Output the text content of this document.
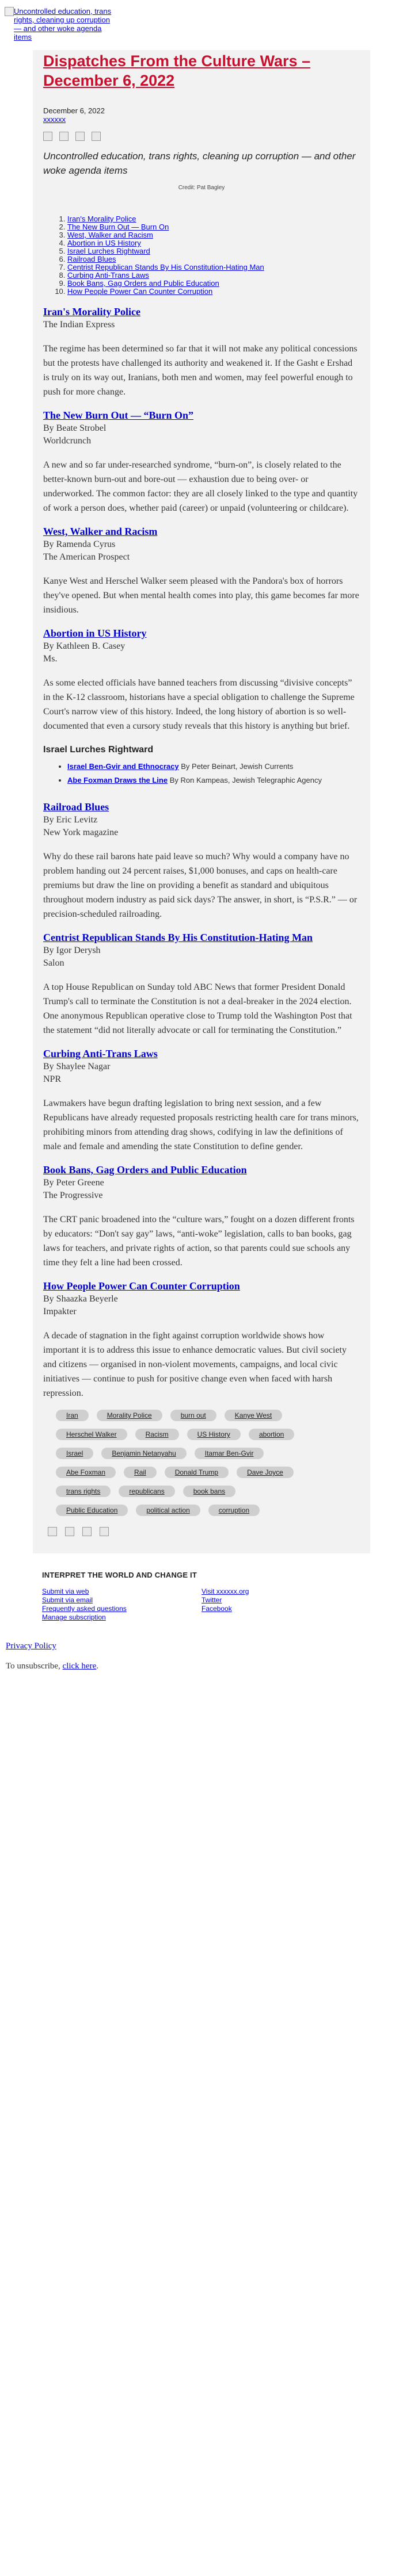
Uncontrolled education, trans rights, cleaning up corruption — and other woke agenda items
Dispatches From the Culture Wars – December 6, 2022
December 6, 2022
xxxxxx
Uncontrolled education, trans rights, cleaning up corruption — and other woke agenda items
Credit: Pat Bagley
1. Iran's Morality Police
2. The New Burn Out — Burn On
3. West, Walker and Racism
4. Abortion in US History
5. Israel Lurches Rightward
6. Railroad Blues
7. Centrist Republican Stands By His Constitution-Hating Man
8. Curbing Anti-Trans Laws
9. Book Bans, Gag Orders and Public Education
10. How People Power Can Counter Corruption
Iran's Morality Police
The Indian Express

The regime has been determined so far that it will not make any political concessions but the protests have challenged its authority and weakened it. If the Gasht e Ershad is truly on its way out, Iranians, both men and women, may feel powerful enough to push for more change.

The New Burn Out — “Burn On”
By Beate Strobel
Worldcrunch

A new and so far under-researched syndrome, “burn-on”, is closely related to the better-known burn-out and bore-out — exhaustion due to being over- or underworked. The common factor: they are all closely linked to the type and quantity of work a person does, whether paid (career) or unpaid (volunteering or childcare).

West, Walker and Racism
By Ramenda Cyrus
The American Prospect

Kanye West and Herschel Walker seem pleased with the Pandora's box of horrors they've opened. But when mental health comes into play, this game becomes far more insidious.

Abortion in US History
By Kathleen B. Casey
Ms.

As some elected officials have banned teachers from discussing “divisive concepts” in the K-12 classroom, historians have a special obligation to challenge the Supreme Court's narrow view of this history. Indeed, the long history of abortion is so well-documented that even a cursory study reveals that this history is anything but brief.

Israel Lurches Rightward
• Israel Ben-Gvir and Ethnocracy By Peter Beinart, Jewish Currents
• Abe Foxman Draws the Line By Ron Kampeas, Jewish Telegraphic Agency
Railroad Blues
By Eric Levitz
New York magazine

Why do these rail barons hate paid leave so much? Why would a company have no problem handing out 24 percent raises, $1,000 bonuses, and caps on health-care premiums but draw the line on providing a benefit as standard and ubiquitous throughout modern industry as paid sick days? The answer, in short, is “P.S.R.” — or precision-scheduled railroading.

Centrist Republican Stands By His Constitution-Hating Man
By Igor Derysh
Salon

A top House Republican on Sunday told ABC News that former President Donald Trump's call to terminate the Constitution is not a deal-breaker in the 2024 election. One anonymous Republican operative close to Trump told the Washington Post that the statement “did not literally advocate or call for terminating the Constitution.”

Curbing Anti-Trans Laws
By Shaylee Nagar
NPR

Lawmakers have begun drafting legislation to bring next session, and a few Republicans have already requested proposals restricting health care for trans minors, prohibiting minors from attending drag shows, codifying in law the definitions of male and female and amending the state Constitution to define gender.

Book Bans, Gag Orders and Public Education
By Peter Greene
The Progressive

The CRT panic broadened into the “culture wars,” fought on a dozen different fronts by educators: “Don't say gay” laws, “anti-woke” legislation, calls to ban books, gag laws for teachers, and private rights of action, so that parents could sue schools any time they felt a line had been crossed.

How People Power Can Counter Corruption
By Shaazka Beyerle
Impakter

A decade of stagnation in the fight against corruption worldwide shows how important it is to address this issue to enhance democratic values. But civil society and citizens — organised in non-violent movements, campaigns, and local civic initiatives — continue to push for positive change even when faced with harsh repression.

Iran	Morality Police	burn out	Kanye West Herschel Walker	Racism	US History	abortion Israel	Benjamin Netanyahu	Itamar Ben-Gvir Abe Foxman	Rail	Donald Trump	Dave Joyce trans rights	republicans	book bans Public Education	political action	corruption
INTERPRET THE WORLD AND CHANGE IT
Submit via web
Submit via email
Frequently asked questions
Manage subscription
Visit xxxxxx.org
Twitter
Facebook
Privacy Policy
To unsubscribe, click here.
